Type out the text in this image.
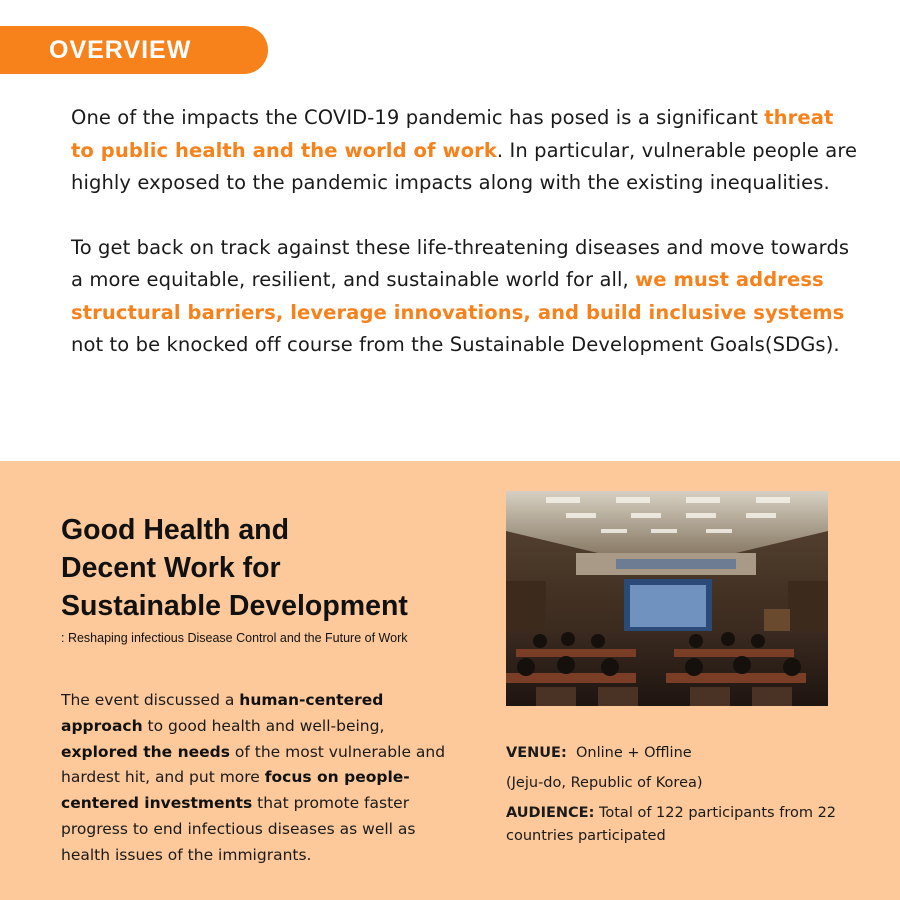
OVERVIEW

One of the impacts the COVID-19 pandemic has posed is a significant threat to public health and the world of work. In particular, vulnerable people are highly exposed to the pandemic impacts along with the existing inequalities.

To get back on track against these life-threatening diseases and move towards a more equitable, resilient, and sustainable world for all, we must address structural barriers, leverage innovations, and build inclusive systems not to be knocked off course from the Sustainable Development Goals(SDGs).

Good Health and
Decent Work for
Sustainable Development
: Reshaping infectious Disease Control and the Future of Work
The event discussed a human-centered approach to good health and well-being, explored the needs of the most vulnerable and hardest hit, and put more focus on people-centered investments that promote faster progress to end infectious diseases as well as health issues of the immigrants.
VENUE: Online + Offline
(Jeju-do, Republic of Korea)
AUDIENCE: Total of 122 participants from 22 countries participated
